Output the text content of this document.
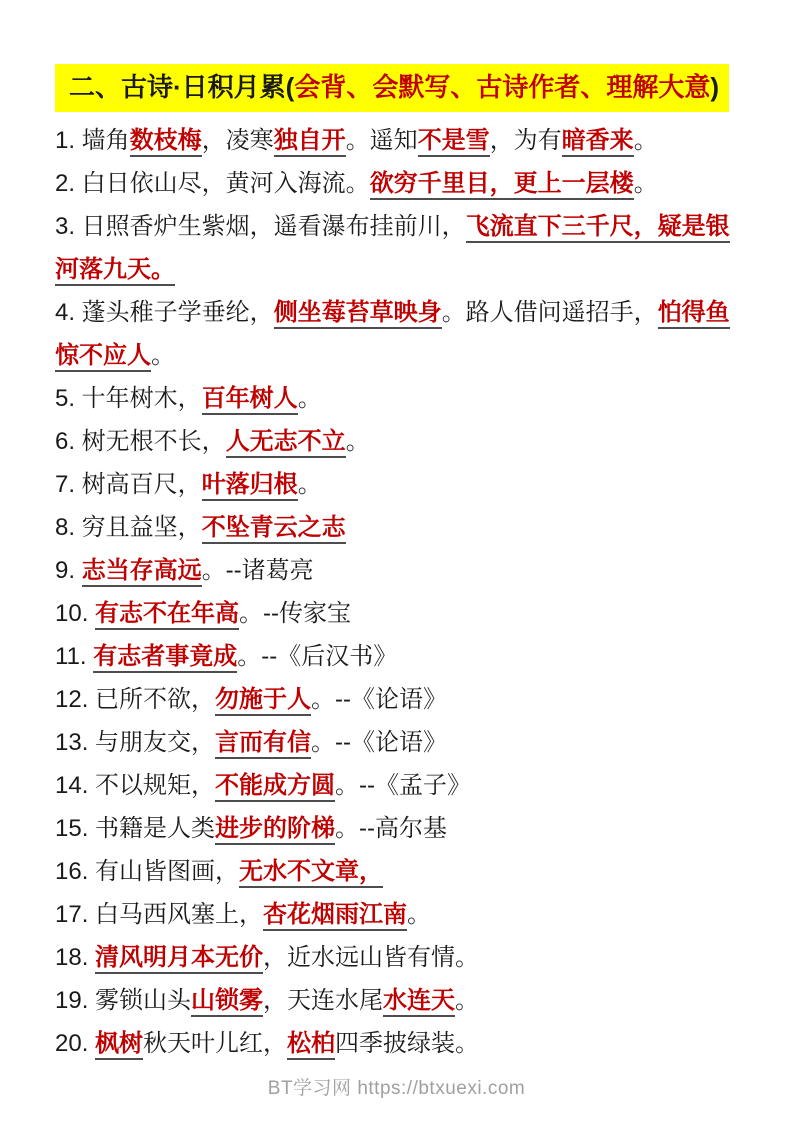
二、古诗·日积月累(会背、会默写、古诗作者、理解大意)

1. 墙角数枝梅，凌寒独自开。遥知不是雪，为有暗香来。

2. 白日依山尽，黄河入海流。欲穷千里目，更上一层楼。

3. 日照香炉生紫烟，遥看瀑布挂前川，飞流直下三千尺，疑是银河落九天。

4. 蓬头稚子学垂纶，侧坐莓苔草映身。路人借问遥招手，怕得鱼惊不应人。

5. 十年树木，百年树人。

6. 树无根不长，人无志不立。

7. 树高百尺，叶落归根。

8. 穷且益坚，不坠青云之志

9. 志当存高远。--诸葛亮

10. 有志不在年高。--传家宝

11. 有志者事竟成。--《后汉书》

12. 已所不欲，勿施于人。--《论语》

13. 与朋友交，言而有信。--《论语》

14. 不以规矩，不能成方圆。--《孟子》

15. 书籍是人类进步的阶梯。--高尔基

16. 有山皆图画，无水不文章，

17. 白马西风塞上，杏花烟雨江南。

18. 清风明月本无价，近水远山皆有情。

19. 雾锁山头山锁雾，天连水尾水连天。

20. 枫树秋天叶儿红，松柏四季披绿装。

BT学习网 https://btxuexi.com
